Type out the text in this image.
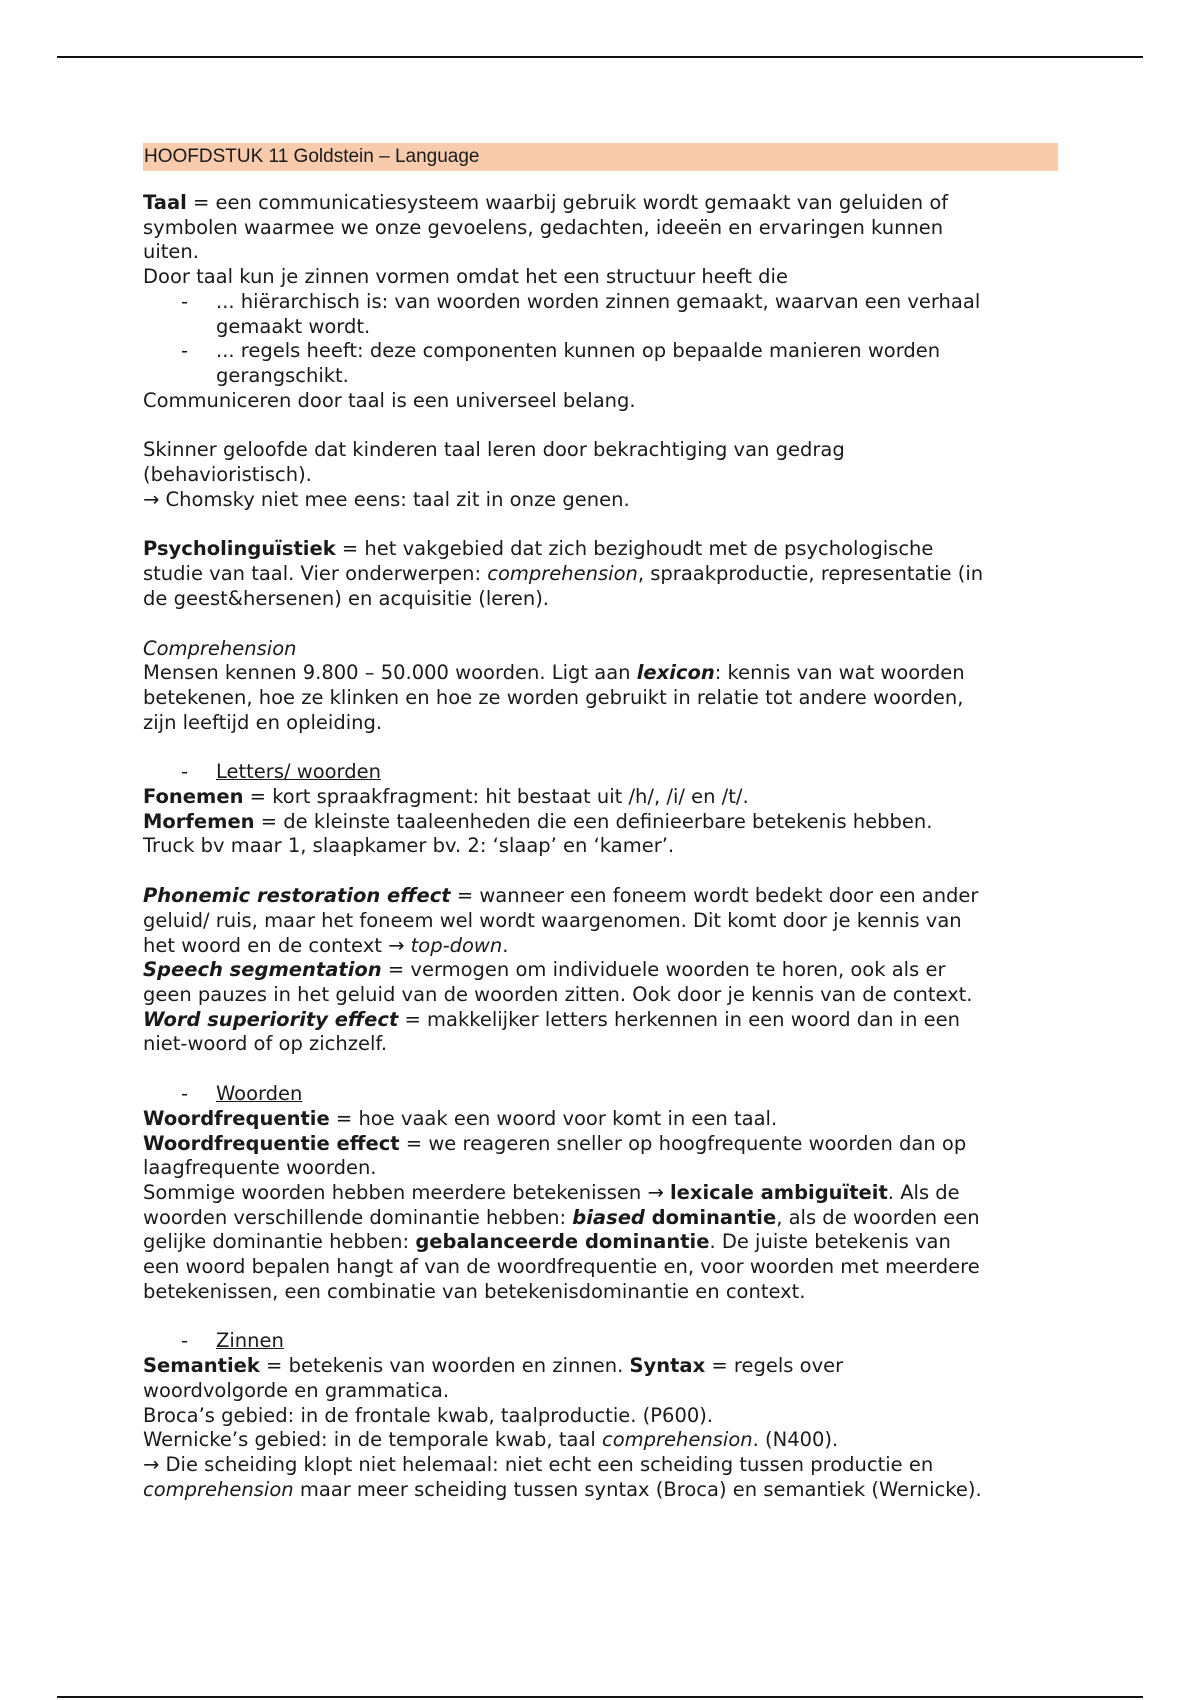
HOOFDSTUK 11 Goldstein – Language
Taal = een communicatiesysteem waarbij gebruik wordt gemaakt van geluiden of
symbolen waarmee we onze gevoelens, gedachten, ideeën en ervaringen kunnen
uiten.
Door taal kun je zinnen vormen omdat het een structuur heeft die
-	... hiërarchisch is: van woorden worden zinnen gemaakt, waarvan een verhaal
gemaakt wordt.
-	... regels heeft: deze componenten kunnen op bepaalde manieren worden
gerangschikt.
Communiceren door taal is een universeel belang.
Skinner geloofde dat kinderen taal leren door bekrachtiging van gedrag
(behavioristisch).
→ Chomsky niet mee eens: taal zit in onze genen.
Psycholinguïstiek = het vakgebied dat zich bezighoudt met de psychologische
studie van taal. Vier onderwerpen: comprehension, spraakproductie, representatie (in
de geest&hersenen) en acquisitie (leren).
Comprehension
Mensen kennen 9.800 – 50.000 woorden. Ligt aan lexicon: kennis van wat woorden
betekenen, hoe ze klinken en hoe ze worden gebruikt in relatie tot andere woorden,
zijn leeftijd en opleiding.
-	Letters/ woorden
Fonemen = kort spraakfragment: hit bestaat uit /h/, /i/ en /t/.
Morfemen = de kleinste taaleenheden die een definieerbare betekenis hebben.
Truck bv maar 1, slaapkamer bv. 2: ‘slaap’ en ‘kamer’.
Phonemic restoration effect = wanneer een foneem wordt bedekt door een ander
geluid/ ruis, maar het foneem wel wordt waargenomen. Dit komt door je kennis van
het woord en de context → top-down.
Speech segmentation = vermogen om individuele woorden te horen, ook als er
geen pauzes in het geluid van de woorden zitten. Ook door je kennis van de context.
Word superiority effect = makkelijker letters herkennen in een woord dan in een
niet-woord of op zichzelf.
-	Woorden
Woordfrequentie = hoe vaak een woord voor komt in een taal.
Woordfrequentie effect = we reageren sneller op hoogfrequente woorden dan op
laagfrequente woorden.
Sommige woorden hebben meerdere betekenissen → lexicale ambiguïteit. Als de
woorden verschillende dominantie hebben: biased dominantie, als de woorden een
gelijke dominantie hebben: gebalanceerde dominantie. De juiste betekenis van
een woord bepalen hangt af van de woordfrequentie en, voor woorden met meerdere
betekenissen, een combinatie van betekenisdominantie en context.
-	Zinnen
Semantiek = betekenis van woorden en zinnen. Syntax = regels over
woordvolgorde en grammatica.
Broca’s gebied: in de frontale kwab, taalproductie. (P600).
Wernicke’s gebied: in de temporale kwab, taal comprehension. (N400).
→ Die scheiding klopt niet helemaal: niet echt een scheiding tussen productie en
comprehension maar meer scheiding tussen syntax (Broca) en semantiek (Wernicke).
